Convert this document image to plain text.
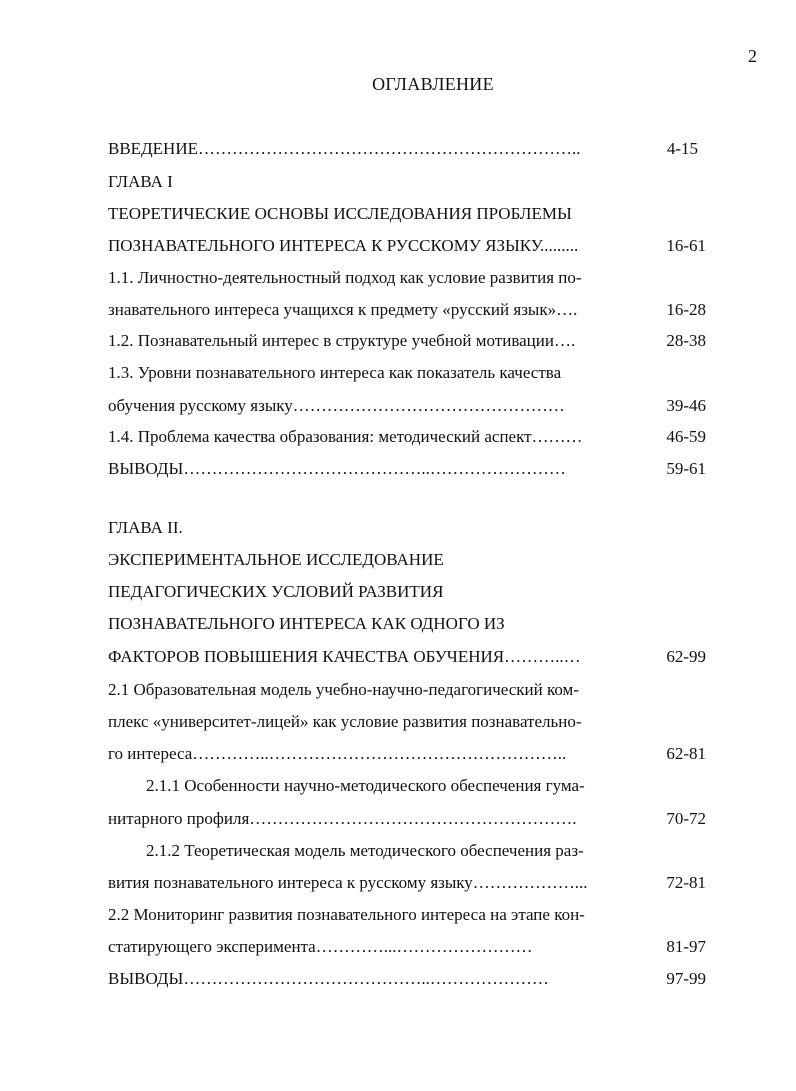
2
ОГЛАВЛЕНИЕ
ВВЕДЕНИЕ…………………………………………………………..	4-15
ГЛАВА I
ТЕОРЕТИЧЕСКИЕ ОСНОВЫ ИССЛЕДОВАНИЯ ПРОБЛЕМЫ
ПОЗНАВАТЕЛЬНОГО ИНТЕРЕСА К РУССКОМУ ЯЗЫКУ.........	16-61
1.1. Личностно-деятельностный подход как условие развития по-
знавательного интереса учащихся к предмету «русский язык»….	16-28
1.2. Познавательный интерес в структуре учебной мотивации….	28-38
1.3. Уровни познавательного интереса как показатель качества
обучения русскому языку…………………………………………	39-46
1.4. Проблема качества образования: методический аспект………	46-59
ВЫВОДЫ……………………………………..……………………	59-61
ГЛАВА II.
ЭКСПЕРИМЕНТАЛЬНОЕ ИССЛЕДОВАНИЕ
ПЕДАГОГИЧЕСКИХ УСЛОВИЙ РАЗВИТИЯ
ПОЗНАВАТЕЛЬНОГО ИНТЕРЕСА КАК ОДНОГО ИЗ
ФАКТОРОВ ПОВЫШЕНИЯ КАЧЕСТВА ОБУЧЕНИЯ………..…	62-99
2.1 Образовательная модель учебно-научно-педагогический ком-
плекс «университет-лицей» как условие развития познавательно-
го интереса…………..……………………………………………..	62-81
2.1.1 Особенности научно-методического обеспечения гума-
нитарного профиля………………………………………………….	70-72
2.1.2 Теоретическая модель методического обеспечения раз-
вития познавательного интереса к русскому языку………………...	72-81
2.2 Мониторинг развития познавательного интереса на этапе кон-
статирующего эксперимента…………...……………………	81-97
ВЫВОДЫ……………………………………..…………………	97-99
